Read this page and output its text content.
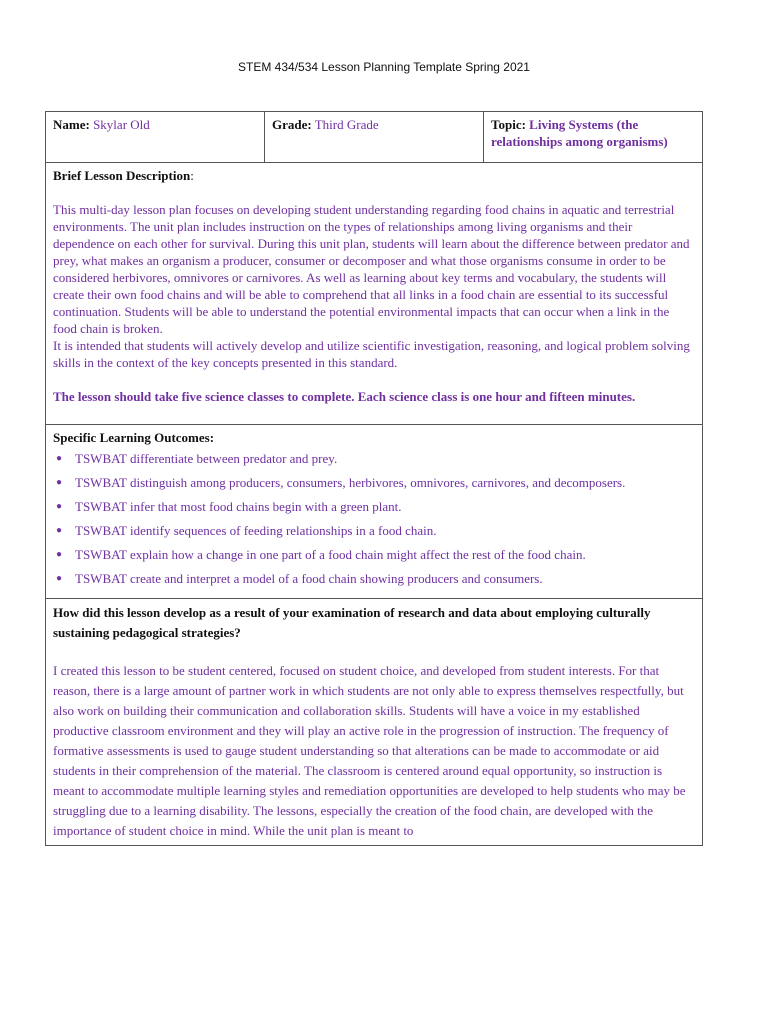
STEM 434/534 Lesson Planning Template Spring 2021
Name: Skylar Old	Grade: Third Grade	Topic: Living Systems (the relationships among organisms)

Brief Lesson Description:

This multi-day lesson plan focuses on developing student understanding regarding food chains in aquatic and terrestrial environments. The unit plan includes instruction on the types of relationships among living organisms and their dependence on each other for survival. During this unit plan, students will learn about the difference between predator and prey, what makes an organism a producer, consumer or decomposer and what those organisms consume in order to be considered herbivores, omnivores or carnivores. As well as learning about key terms and vocabulary, the students will create their own food chains and will be able to comprehend that all links in a food chain are essential to its successful continuation. Students will be able to understand the potential environmental impacts that can occur when a link in the food chain is broken.

It is intended that students will actively develop and utilize scientific investigation, reasoning, and logical problem solving skills in the context of the key concepts presented in this standard.

The lesson should take five science classes to complete. Each science class is one hour and fifteen minutes.

Specific Learning Outcomes:

● TSWBAT differentiate between predator and prey.
● TSWBAT distinguish among producers, consumers, herbivores, omnivores, carnivores, and decomposers.
● TSWBAT infer that most food chains begin with a green plant.
● TSWBAT identify sequences of feeding relationships in a food chain.
● TSWBAT explain how a change in one part of a food chain might affect the rest of the food chain.
● TSWBAT create and interpret a model of a food chain showing producers and consumers.

How did this lesson develop as a result of your examination of research and data about employing culturally sustaining pedagogical strategies?

I created this lesson to be student centered, focused on student choice, and developed from student interests. For that reason, there is a large amount of partner work in which students are not only able to express themselves respectfully, but also work on building their communication and collaboration skills. Students will have a voice in my established productive classroom environment and they will play an active role in the progression of instruction. The frequency of formative assessments is used to gauge student understanding so that alterations can be made to accommodate or aid students in their comprehension of the material. The classroom is centered around equal opportunity, so instruction is meant to accommodate multiple learning styles and remediation opportunities are developed to help students who may be struggling due to a learning disability. The lessons, especially the creation of the food chain, are developed with the importance of student choice in mind. While the unit plan is meant to
